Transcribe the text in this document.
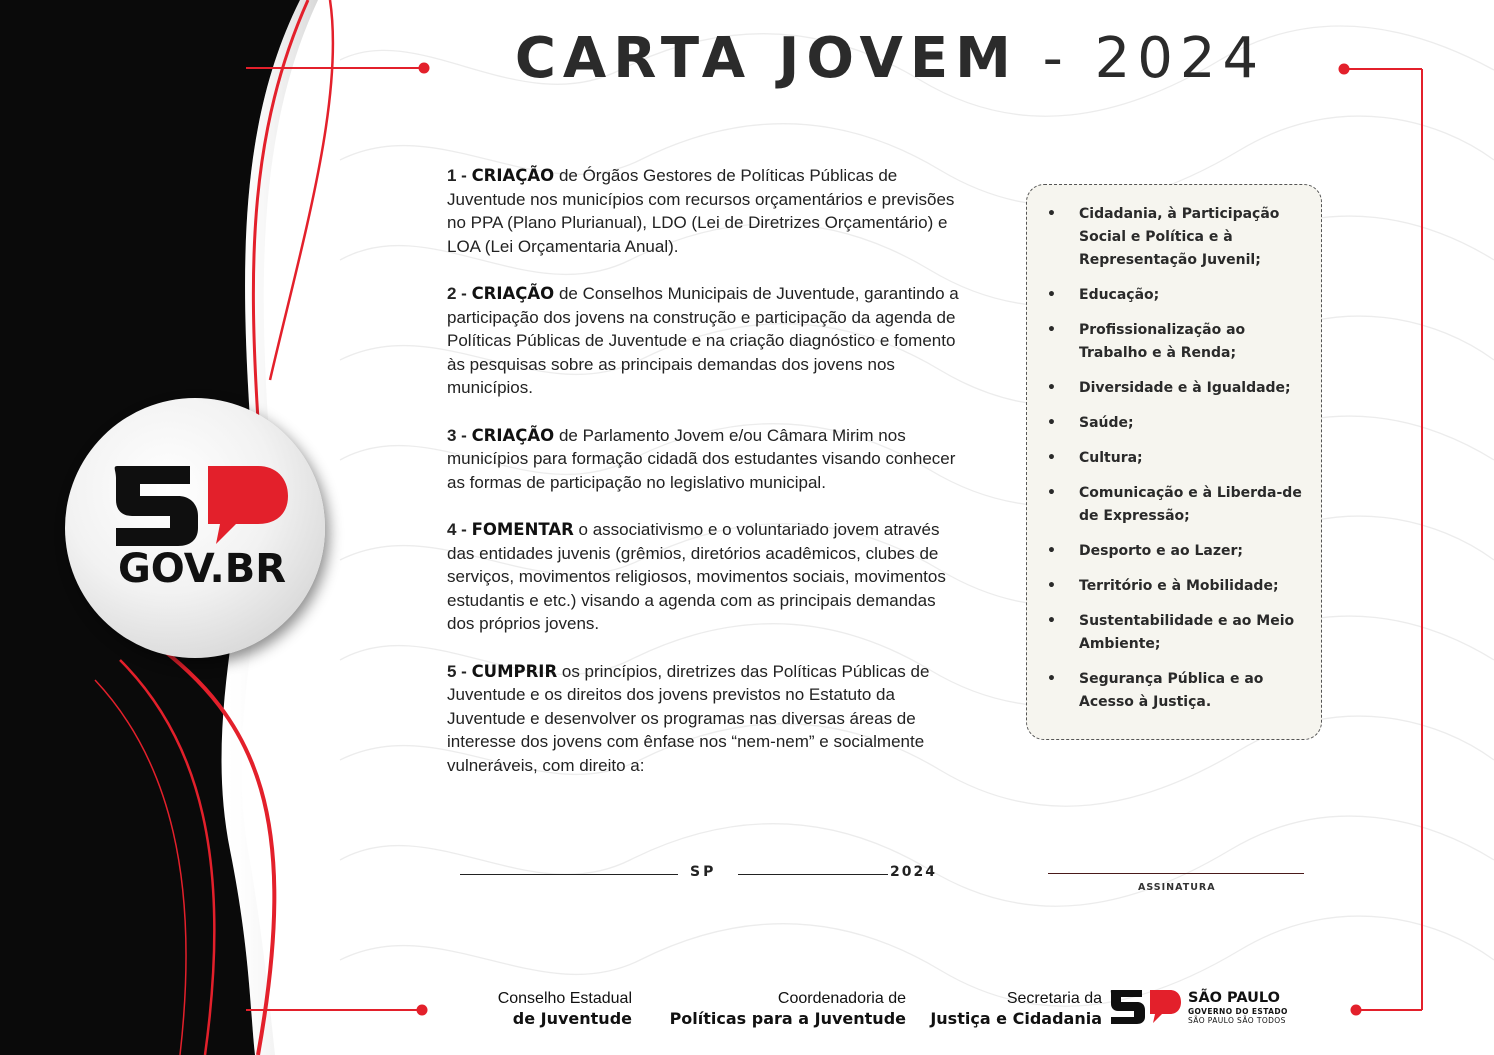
GOV.BR
CARTA JOVEM - 2024

1 - CRIAÇÃO de Órgãos Gestores de Políticas Públicas de Juventude nos municípios com recursos orçamentários e previsões no PPA (Plano Plurianual), LDO (Lei de Diretrizes Orçamentário) e LOA (Lei Orçamentaria Anual).

2 - CRIAÇÃO de Conselhos Municipais de Juventude, garantindo a participação dos jovens na construção e participação da agenda de Políticas Públicas de Juventude e na criação diagnóstico e fomento às pesquisas sobre as principais demandas dos jovens nos municípios.

3 - CRIAÇÃO de Parlamento Jovem e/ou Câmara Mirim nos municípios para formação cidadã dos estudantes visando conhecer as formas de participação no legislativo municipal.

4 - FOMENTAR o associativismo e o voluntariado jovem através das entidades juvenis (grêmios, diretórios acadêmicos, clubes de serviços, movimentos religiosos, movimentos sociais, movimentos estudantis e etc.) visando a agenda com as principais demandas dos próprios jovens.

5 - CUMPRIR os princípios, diretrizes das Políticas Públicas de Juventude e os direitos dos jovens previstos no Estatuto da Juventude e desenvolver os programas nas diversas áreas de interesse dos jovens com ênfase nos “nem-nem” e socialmente vulneráveis, com direito a:

• Cidadania, à Participação Social e Política e à Representação Juvenil;
• Educação;
• Profissionalização ao Trabalho e à Renda;
• Diversidade e à Igualdade;
• Saúde;
• Cultura;
• Comunicação e à Liberda-de de Expressão;
• Desporto e ao Lazer;
• Território e à Mobilidade;
• Sustentabilidade e ao Meio Ambiente;
• Segurança Pública e ao Acesso à Justiça.
SP	2024
ASSINATURA
Conselho Estadual
de Juventude
Coordenadoria de
Políticas para a Juventude
Secretaria da
Justiça e Cidadania
SÃO PAULO
GOVERNO DO ESTADO
SÃO PAULO SÃO TODOS
